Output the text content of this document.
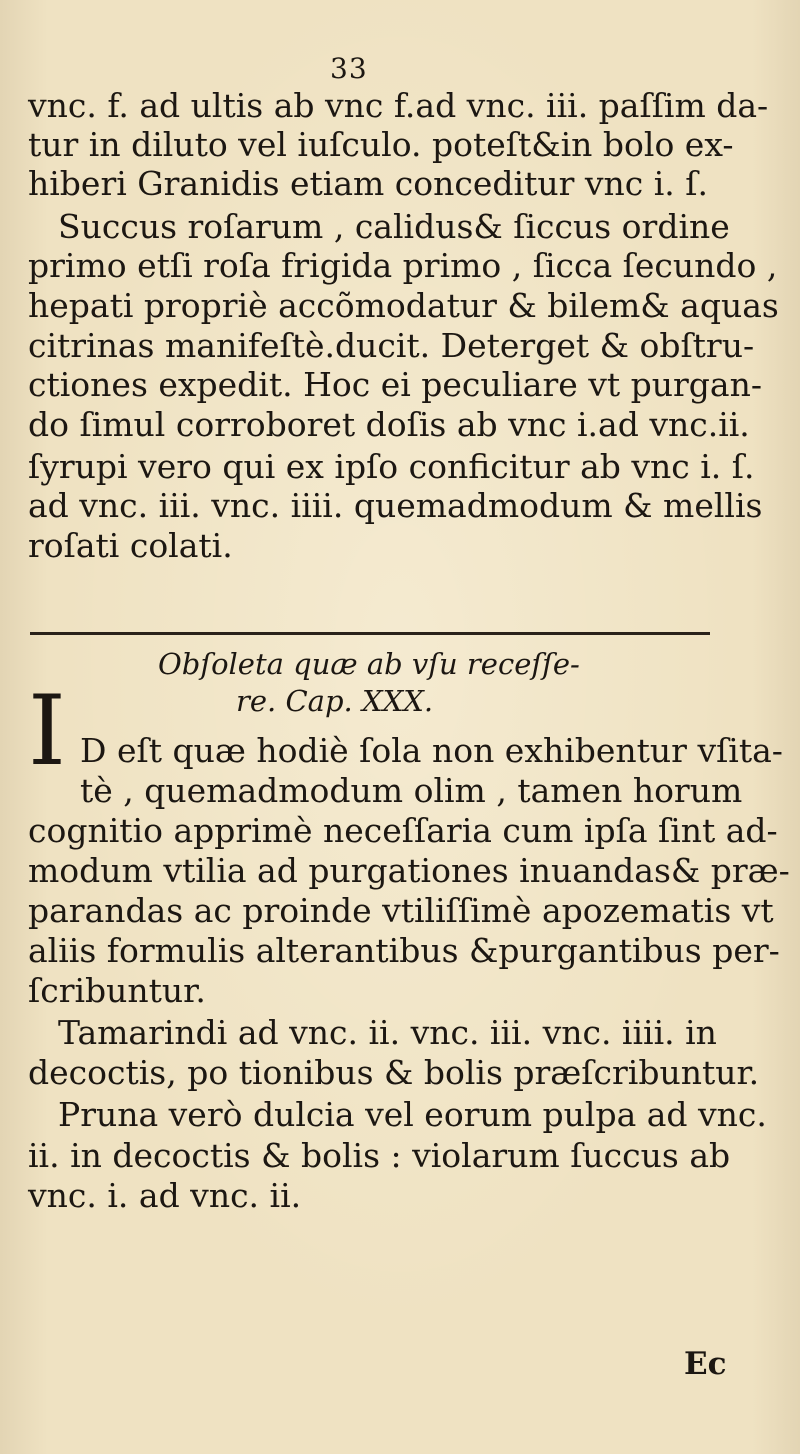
33
vnc. f. ad ultis ab vnc f.ad vnc. iii. paſſim da-
tur in diluto vel iuſculo. poteſt&in bolo ex-
hiberi Granidis etiam conceditur vnc i. ſ.
Succus roſarum , calidus& ſiccus ordine
primo etſi roſa frigida primo , ſicca ſecundo ,
hepati propriè accõmodatur & bilem& aquas
citrinas manifeſtè.ducit. Deterget & obſtru-
ctiones expedit. Hoc ei peculiare vt purgan-
do ſimul corroboret doſis ab vnc i.ad vnc.ii.
ſyrupi vero qui ex ipſo conficitur ab vnc i. ſ.
ad vnc. iii. vnc. iiii. quemadmodum & mellis
roſati colati.
Obſoleta quæ ab vſu receſſe-
re. Cap. XXX.
I D eſt quæ hodiè ſola non exhibentur vſita-
tè , quemadmodum olim , tamen horum
cognitio apprimè neceſſaria cum ipſa ſint ad-
modum vtilia ad purgationes inuandas& præ-
parandas ac proinde vtiliſſimè apozematis vt
aliis formulis alterantibus &purgantibus per-
ſcribuntur.
Tamarindi ad vnc. ii. vnc. iii. vnc. iiii. in
decoctis, po tionibus & bolis præſcribuntur.
Pruna verò dulcia vel eorum pulpa ad vnc.
ii. in decoctis & bolis : violarum ſuccus ab
vnc. i. ad vnc. ii.
Ec
